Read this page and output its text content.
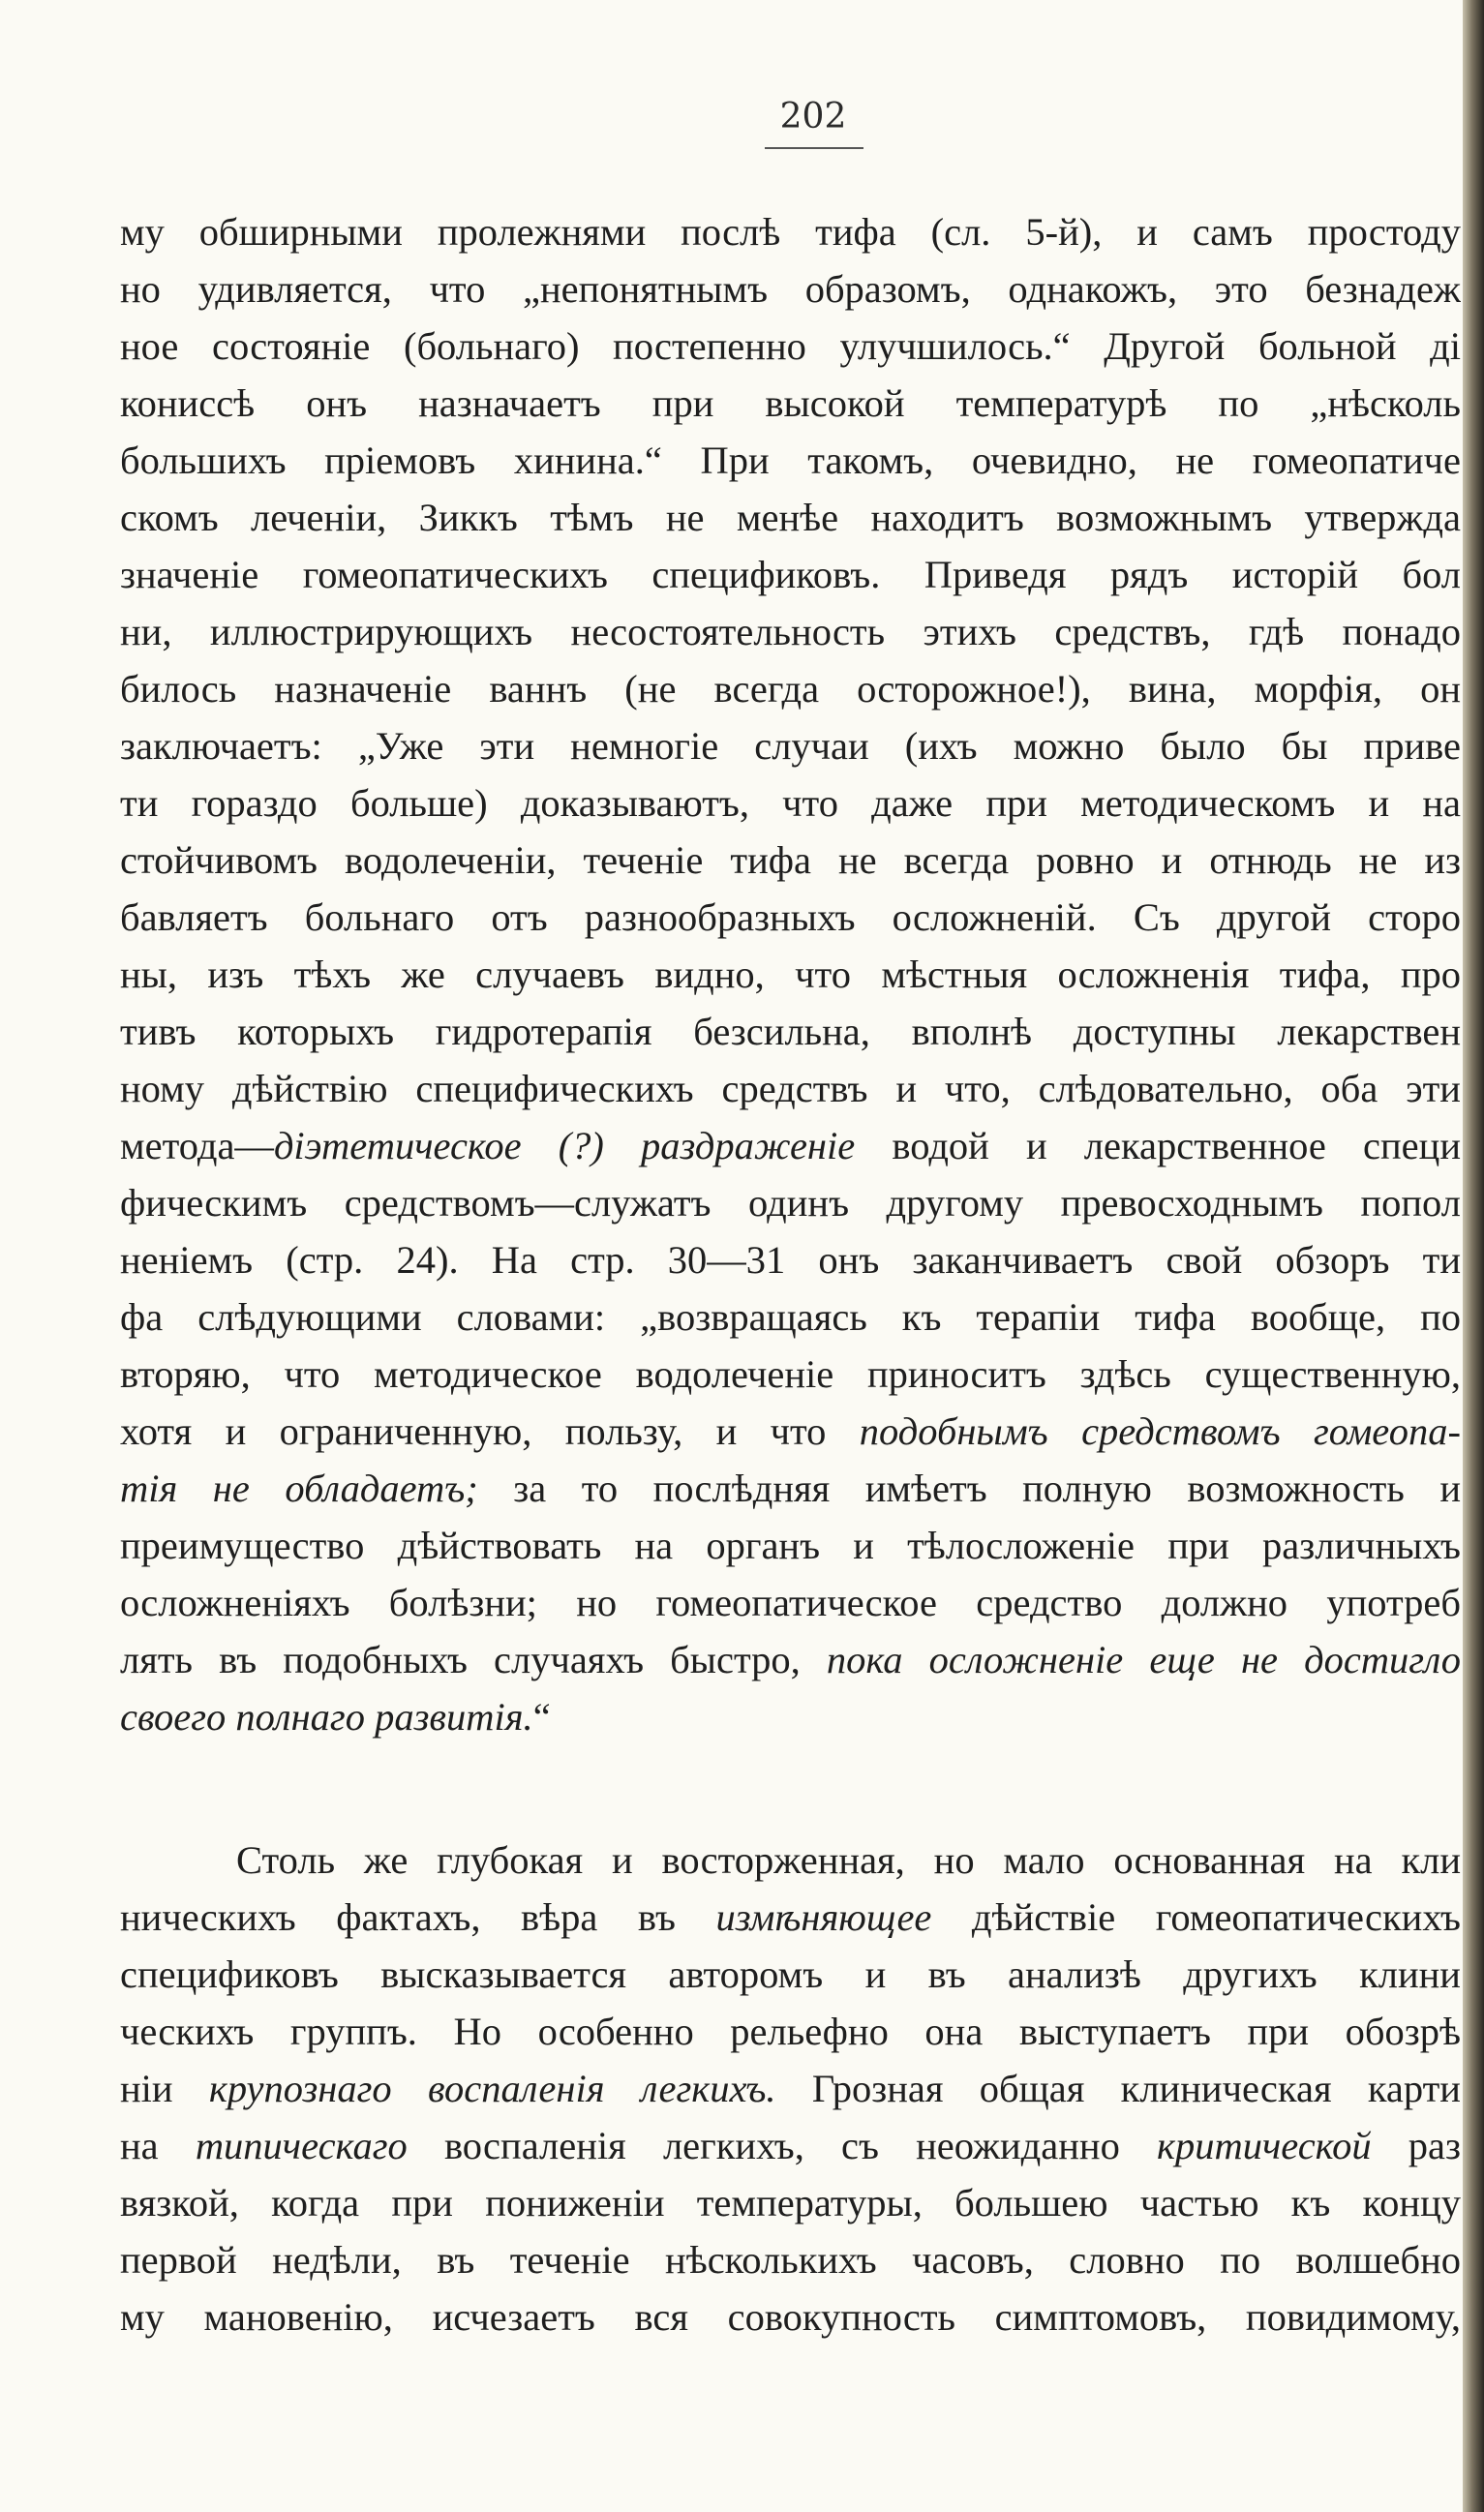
202
му обширными пролежнями послѣ тифа (сл. 5-й), и самъ простоду
но удивляется, что „непонятнымъ образомъ, однакожъ, это безнадеж
ное состояніе (больнаго) постепенно улучшилось.“ Другой больной ді
кониссѣ онъ назначаетъ при высокой температурѣ по „нѣсколь
большихъ пріемовъ хинина.“ При такомъ, очевидно, не гомеопатиче
скомъ леченіи, Зиккъ тѣмъ не менѣе находитъ возможнымъ утвержда
значеніе гомеопатическихъ спецификовъ. Приведя рядъ исторій бол
ни, иллюстрирующихъ несостоятельность этихъ средствъ, гдѣ понадо
билось назначеніе ваннъ (не всегда осторожное!), вина, морфія, он
заключаетъ: „Уже эти немногіе случаи (ихъ можно было бы приве
ти гораздо больше) доказываютъ, что даже при методическомъ и на
стойчивомъ водолеченіи, теченіе тифа не всегда ровно и отнюдь не из
бавляетъ больнаго отъ разнообразныхъ осложненій. Съ другой сторо
ны, изъ тѣхъ же случаевъ видно, что мѣстныя осложненія тифа, про
тивъ которыхъ гидротерапія безсильна, вполнѣ доступны лекарствен
ному дѣйствію специфическихъ средствъ и что, слѣдовательно, оба эти
метода—діэтетическое (?) раздраженіе водой и лекарственное специ
фическимъ средствомъ—служатъ одинъ другому превосходнымъ попол
неніемъ (стр. 24). На стр. 30—31 онъ заканчиваетъ свой обзоръ ти
фа слѣдующими словами: „возвращаясь къ терапіи тифа вообще, по
вторяю, что методическое водолеченіе приноситъ здѣсь существенную,
хотя и ограниченную, пользу, и что подобнымъ средствомъ гомеопа-
тія не обладаетъ; за то послѣдняя имѣетъ полную возможность и
преимущество дѣйствовать на органъ и тѣлосложеніе при различныхъ
осложненіяхъ болѣзни; но гомеопатическое средство должно употреб
лять въ подобныхъ случаяхъ быстро, пока осложненіе еще не достигло
своего полнаго развитія.“
Столь же глубокая и восторженная, но мало основанная на кли
ническихъ фактахъ, вѣра въ измѣняющее дѣйствіе гомеопатическихъ
спецификовъ высказывается авторомъ и въ анализѣ другихъ клини
ческихъ группъ. Но особенно рельефно она выступаетъ при обозрѣ
ніи крупознаго воспаленія легкихъ. Грозная общая клиническая карти
на типическаго воспаленія легкихъ, съ неожиданно критической раз
вязкой, когда при пониженіи температуры, большею частью къ концу
первой недѣли, въ теченіе нѣсколькихъ часовъ, словно по волшебно
му мановенію, исчезаетъ вся совокупность симптомовъ, повидимому,
